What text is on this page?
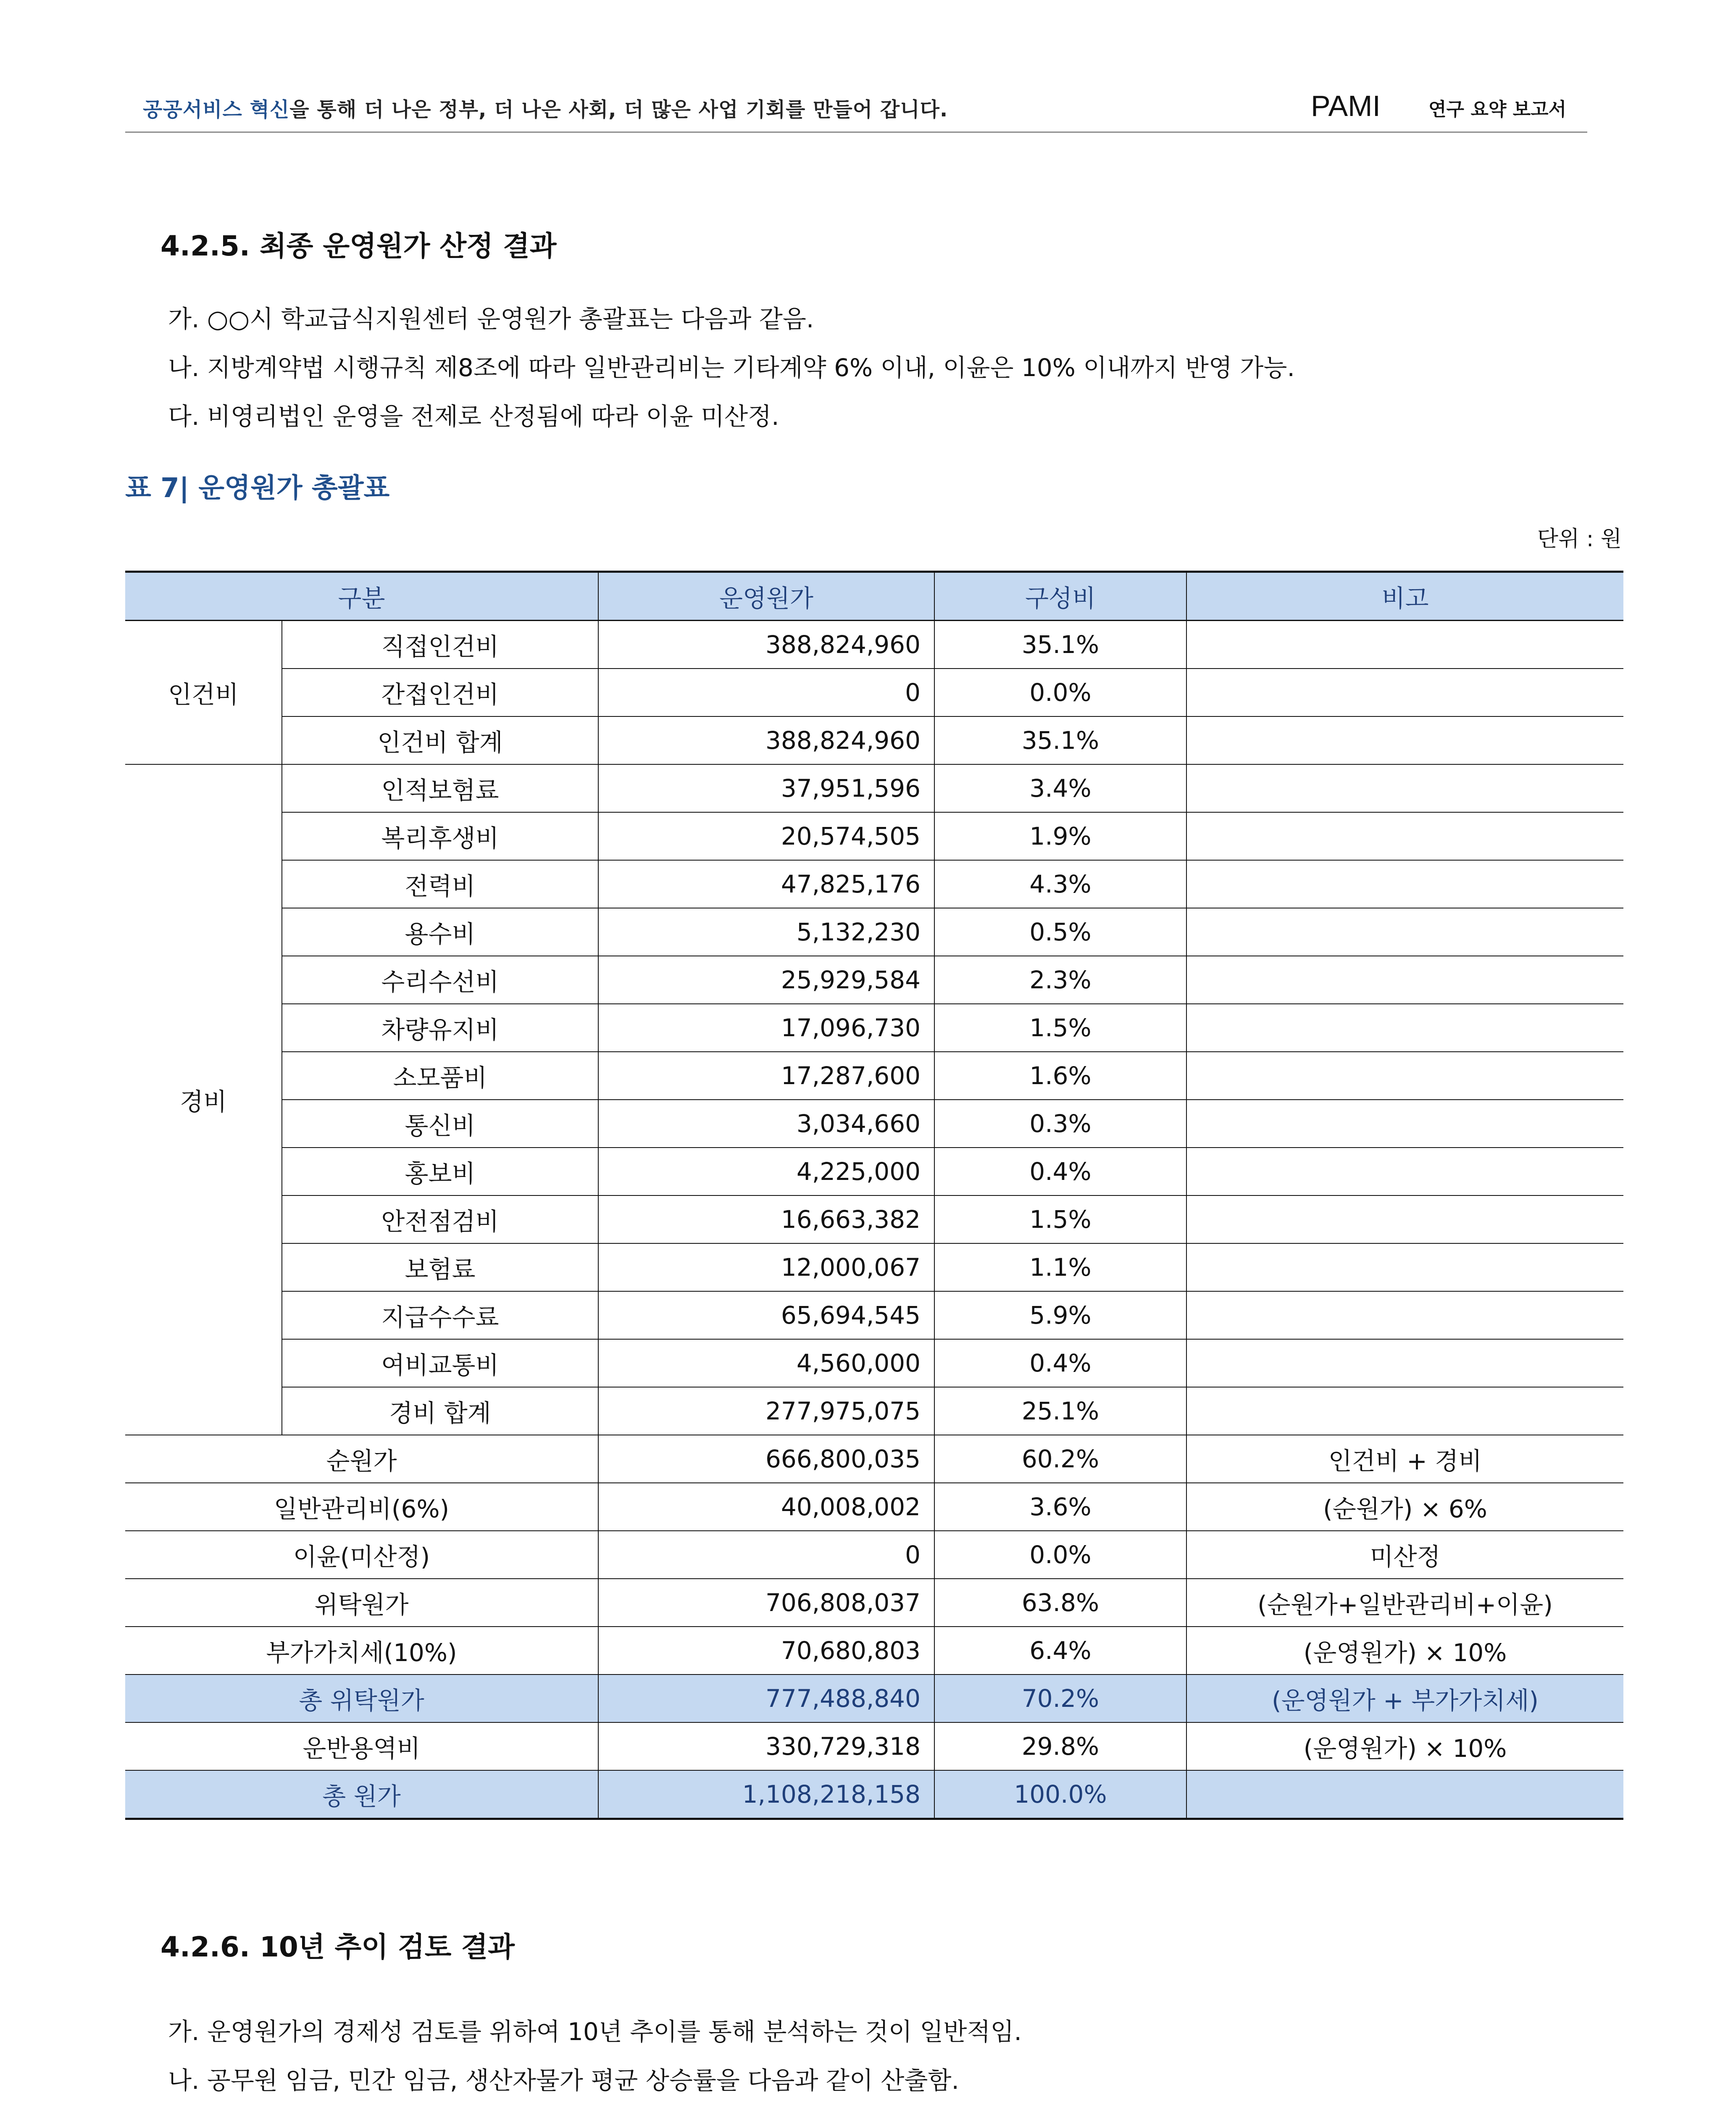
공공서비스 혁신을 통해 더 나은 정부, 더 나은 사회, 더 많은 사업 기회를 만들어 갑니다.	PAMI	연구 요약 보고서
4.2.5. 최종 운영원가 산정 결과
가. ○○시 학교급식지원센터 운영원가 총괄표는 다음과 같음.
나. 지방계약법 시행규칙 제8조에 따라 일반관리비는 기타계약 6% 이내, 이윤은 10% 이내까지 반영 가능.
다. 비영리법인 운영을 전제로 산정됨에 따라 이윤 미산정.
표 7| 운영원가 총괄표
단위 : 원
구분		운영원가	구성비	비고
인건비	직접인건비	388,824,960	35.1%	
	간접인건비	0	0.0%	
	인건비 합계	388,824,960	35.1%	
경비	인적보험료	37,951,596	3.4%	
	복리후생비	20,574,505	1.9%	
	전력비	47,825,176	4.3%	
	용수비	5,132,230	0.5%	
	수리수선비	25,929,584	2.3%	
	차량유지비	17,096,730	1.5%	
	소모품비	17,287,600	1.6%	
	통신비	3,034,660	0.3%	
	홍보비	4,225,000	0.4%	
	안전점검비	16,663,382	1.5%	
	보험료	12,000,067	1.1%	
	지급수수료	65,694,545	5.9%	
	여비교통비	4,560,000	0.4%	
	경비 합계	277,975,075	25.1%	
순원가		666,800,035	60.2%	인건비 + 경비
일반관리비(6%)		40,008,002	3.6%	(순원가) × 6%
이윤(미산정)		0	0.0%	미산정
위탁원가		706,808,037	63.8%	(순원가+일반관리비+이윤)
부가가치세(10%)		70,680,803	6.4%	(운영원가) × 10%
총 위탁원가		777,488,840	70.2%	(운영원가 + 부가가치세)
운반용역비		330,729,318	29.8%	(운영원가) × 10%
총 원가		1,108,218,158	100.0%	
4.2.6. 10년 추이 검토 결과
가. 운영원가의 경제성 검토를 위하여 10년 추이를 통해 분석하는 것이 일반적임.
나. 공무원 임금, 민간 임금, 생산자물가 평균 상승률을 다음과 같이 산출함.
